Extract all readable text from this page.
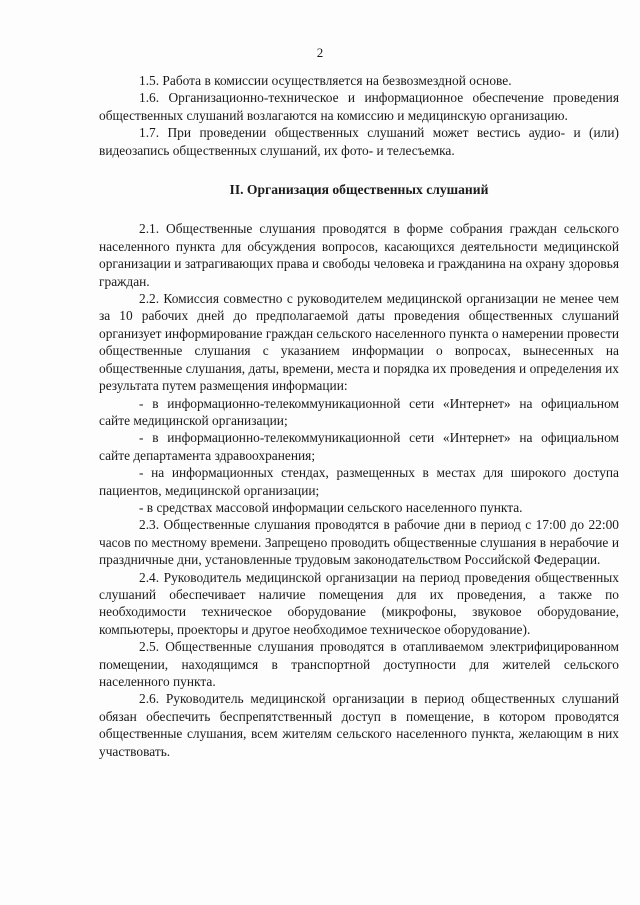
2

1.5. Работа в комиссии осуществляется на безвозмездной основе.

1.6. Организационно-техническое и информационное обеспечение проведения общественных слушаний возлагаются на комиссию и медицинскую организацию.

1.7. При проведении общественных слушаний может вестись аудио- и (или) видеозапись общественных слушаний, их фото- и телесъемка.

II. Организация общественных слушаний

2.1. Общественные слушания проводятся в форме собрания граждан сельского населенного пункта для обсуждения вопросов, касающихся деятельности медицинской организации и затрагивающих права и свободы человека и гражданина на охрану здоровья граждан.

2.2. Комиссия совместно с руководителем медицинской организации не менее чем за 10 рабочих дней до предполагаемой даты проведения общественных слушаний организует информирование граждан сельского населенного пункта о намерении провести общественные слушания с указанием информации о вопросах, вынесенных на общественные слушания, даты, времени, места и порядка их проведения и определения их результата путем размещения информации:

- в информационно-телекоммуникационной сети «Интернет» на официальном сайте медицинской организации;

- в информационно-телекоммуникационной сети «Интернет» на официальном сайте департамента здравоохранения;

- на информационных стендах, размещенных в местах для широкого доступа пациентов, медицинской организации;

- в средствах массовой информации сельского населенного пункта.

2.3. Общественные слушания проводятся в рабочие дни в период с 17:00 до 22:00 часов по местному времени. Запрещено проводить общественные слушания в нерабочие и праздничные дни, установленные трудовым законодательством Российской Федерации.

2.4. Руководитель медицинской организации на период проведения общественных слушаний обеспечивает наличие помещения для их проведения, а также по необходимости техническое оборудование (микрофоны, звуковое оборудование, компьютеры, проекторы и другое необходимое техническое оборудование).

2.5. Общественные слушания проводятся в отапливаемом электрифицированном помещении, находящимся в транспортной доступности для жителей сельского населенного пункта.

2.6. Руководитель медицинской организации в период общественных слушаний обязан обеспечить беспрепятственный доступ в помещение, в котором проводятся общественные слушания, всем жителям сельского населенного пункта, желающим в них участвовать.
